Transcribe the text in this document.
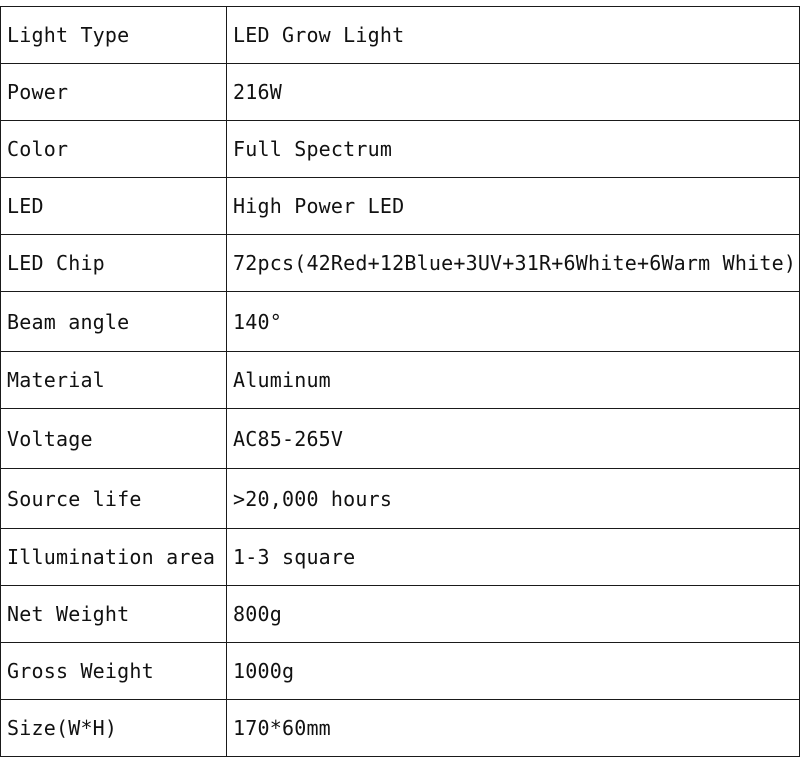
Light Type	LED Grow Light
Power	216W
Color	Full Spectrum
LED	High Power LED
LED Chip	72pcs(42Red+12Blue+3UV+31R+6White+6Warm White)
Beam angle	140°
Material	Aluminum
Voltage	AC85-265V
Source life	>20,000 hours
Illumination area	1-3 square
Net Weight	800g
Gross Weight	1000g
Size(W*H)	170*60mm
